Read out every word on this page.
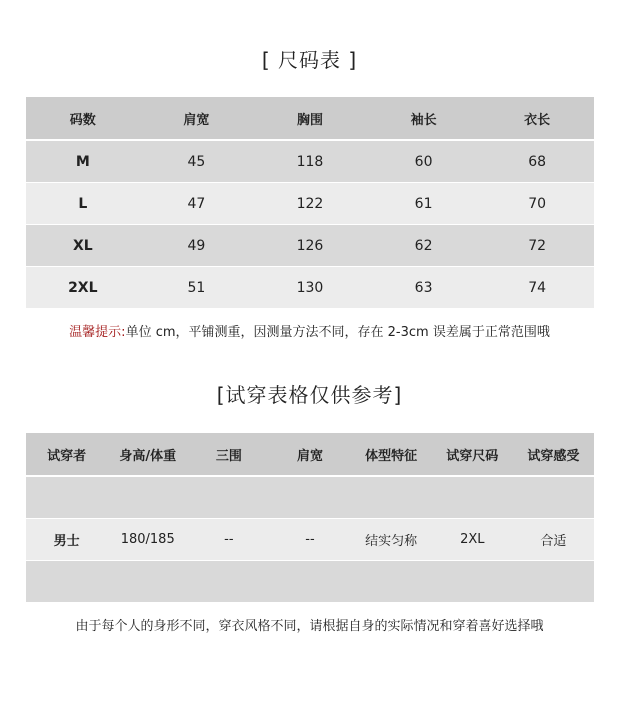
[ 尺码表 ]
码数	肩宽	胸围	袖长	衣长
M	45	118	60	68
L	47	122	61	70
XL	49	126	62	72
2XL	51	130	63	74
温馨提示:单位 cm，平铺测重，因测量方法不同，存在 2-3cm 误差属于正常范围哦
[试穿表格仅供参考]
试穿者	身高/体重	三围	肩宽	体型特征	试穿尺码	试穿感受

男士	180/185	--	--	结实匀称	2XL	合适

由于每个人的身形不同，穿衣风格不同，请根据自身的实际情况和穿着喜好选择哦
